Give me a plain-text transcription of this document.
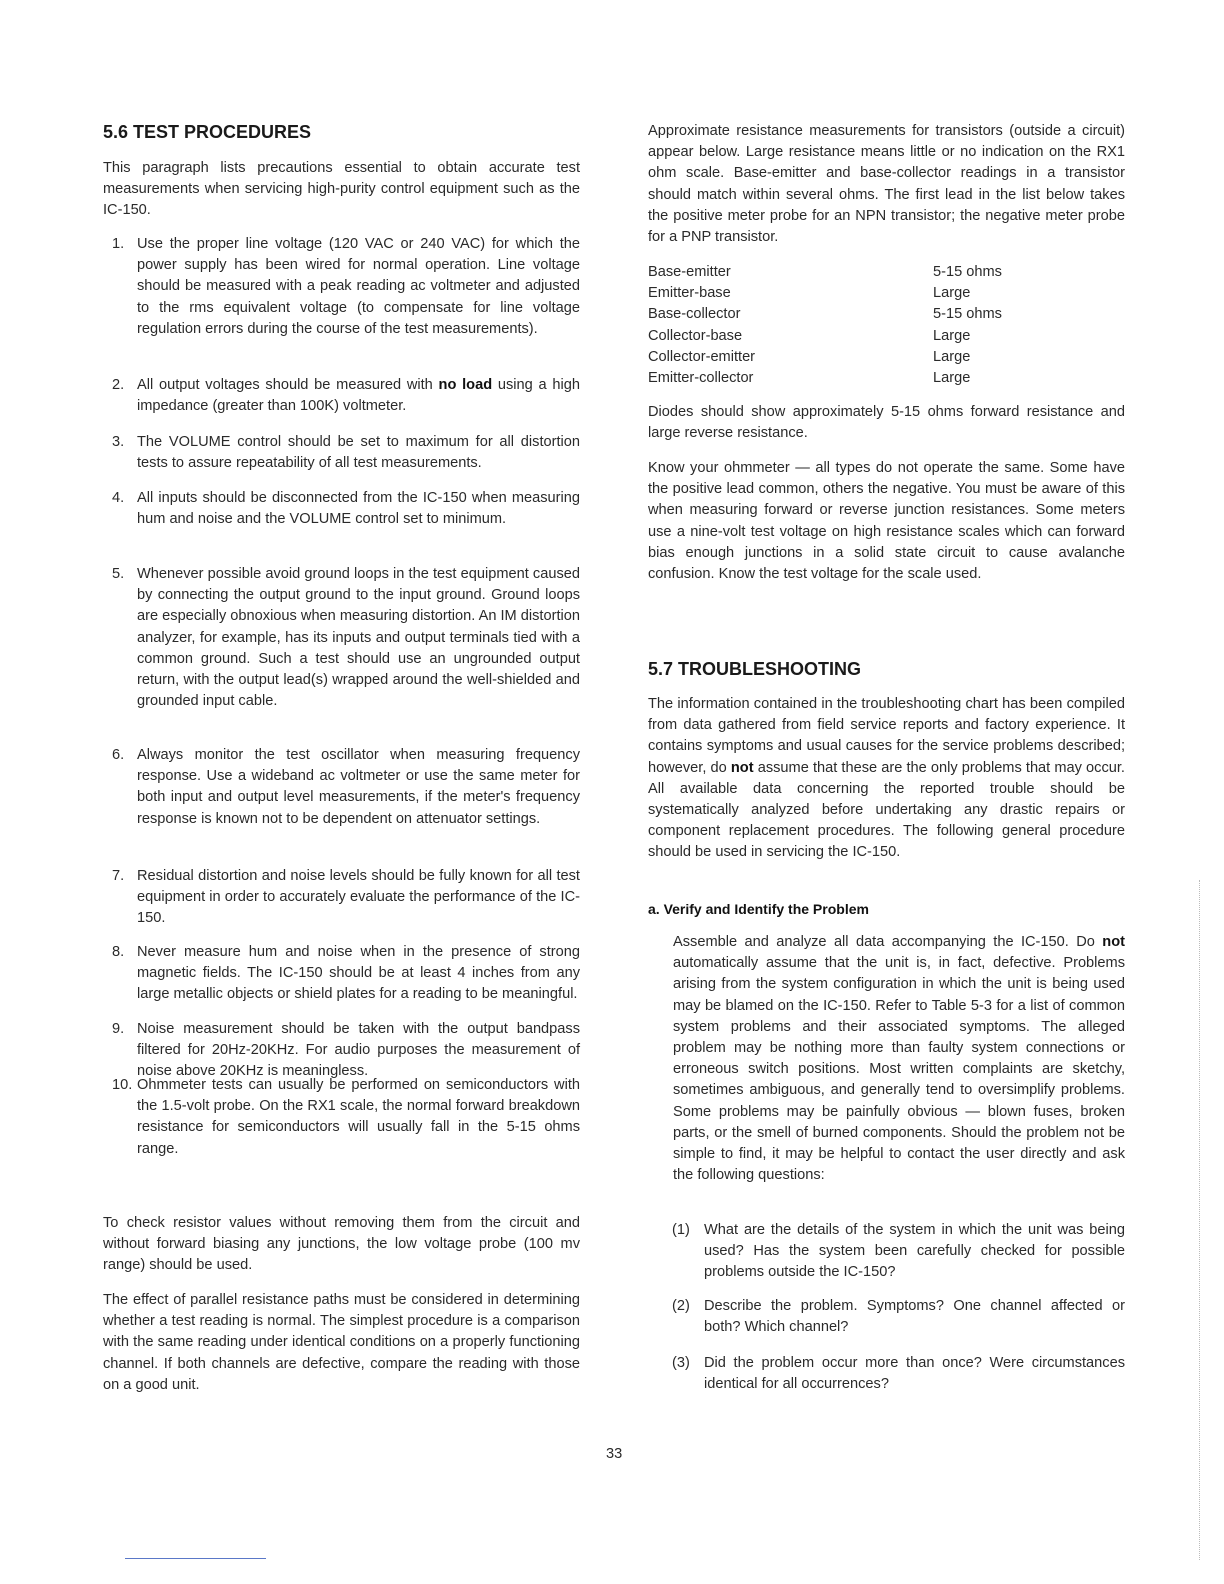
5.6 TEST PROCEDURES

This paragraph lists precautions essential to obtain accurate test measurements when servicing high-purity control equipment such as the IC-150.

1. Use the proper line voltage (120 VAC or 240 VAC) for which the power supply has been wired for normal operation. Line voltage should be measured with a peak reading ac voltmeter and adjusted to the rms equivalent voltage (to compensate for line voltage regulation errors during the course of the test measurements).
2. All output voltages should be measured with no load using a high impedance (greater than 100K) voltmeter.
3. The VOLUME control should be set to maximum for all distortion tests to assure repeatability of all test measurements.
4. All inputs should be disconnected from the IC-150 when measuring hum and noise and the VOLUME control set to minimum.
5. Whenever possible avoid ground loops in the test equipment caused by connecting the output ground to the input ground. Ground loops are especially obnoxious when measuring distortion. An IM distortion analyzer, for example, has its inputs and output terminals tied with a common ground. Such a test should use an ungrounded output return, with the output lead(s) wrapped around the well-shielded and grounded input cable.
6. Always monitor the test oscillator when measuring frequency response. Use a wideband ac voltmeter or use the same meter for both input and output level measurements, if the meter's frequency response is known not to be dependent on attenuator settings.
7. Residual distortion and noise levels should be fully known for all test equipment in order to accurately evaluate the performance of the IC-150.
8. Never measure hum and noise when in the presence of strong magnetic fields. The IC-150 should be at least 4 inches from any large metallic objects or shield plates for a reading to be meaningful.
9. Noise measurement should be taken with the output bandpass filtered for 20Hz-20KHz. For audio purposes the measurement of noise above 20KHz is meaningless.
10. Ohmmeter tests can usually be performed on semiconductors with the 1.5-volt probe. On the RX1 scale, the normal forward breakdown resistance for semiconductors will usually fall in the 5-15 ohms range.

To check resistor values without removing them from the circuit and without forward biasing any junctions, the low voltage probe (100 mv range) should be used.

The effect of parallel resistance paths must be considered in determining whether a test reading is normal. The simplest procedure is a comparison with the same reading under identical conditions on a properly functioning channel. If both channels are defective, compare the reading with those on a good unit.

Approximate resistance measurements for transistors (outside a circuit) appear below. Large resistance means little or no indication on the RX1 ohm scale. Base-emitter and base-collector readings in a transistor should match within several ohms. The first lead in the list below takes the positive meter probe for an NPN transistor; the negative meter probe for a PNP transistor.

Base-emitter	5-15 ohms
Emitter-base	Large
Base-collector	5-15 ohms
Collector-base	Large
Collector-emitter	Large
Emitter-collector	Large

Diodes should show approximately 5-15 ohms forward resistance and large reverse resistance.

Know your ohmmeter — all types do not operate the same. Some have the positive lead common, others the negative. You must be aware of this when measuring forward or reverse junction resistances. Some meters use a nine-volt test voltage on high resistance scales which can forward bias enough junctions in a solid state circuit to cause avalanche confusion. Know the test voltage for the scale used.

5.7 TROUBLESHOOTING

The information contained in the troubleshooting chart has been compiled from data gathered from field service reports and factory experience. It contains symptoms and usual causes for the service problems described; however, do not assume that these are the only problems that may occur. All available data concerning the reported trouble should be systematically analyzed before undertaking any drastic repairs or component replacement procedures. The following general procedure should be used in servicing the IC-150.

a. Verify and Identify the Problem

Assemble and analyze all data accompanying the IC-150. Do not automatically assume that the unit is, in fact, defective. Problems arising from the system configuration in which the unit is being used may be blamed on the IC-150. Refer to Table 5-3 for a list of common system problems and their associated symptoms. The alleged problem may be nothing more than faulty system connections or erroneous switch positions. Most written complaints are sketchy, sometimes ambiguous, and generally tend to oversimplify problems. Some problems may be painfully obvious — blown fuses, broken parts, or the smell of burned components. Should the problem not be simple to find, it may be helpful to contact the user directly and ask the following questions:

(1) What are the details of the system in which the unit was being used? Has the system been carefully checked for possible problems outside the IC-150?
(2) Describe the problem. Symptoms? One channel affected or both? Which channel?
(3) Did the problem occur more than once? Were circumstances identical for all occurrences?
33
